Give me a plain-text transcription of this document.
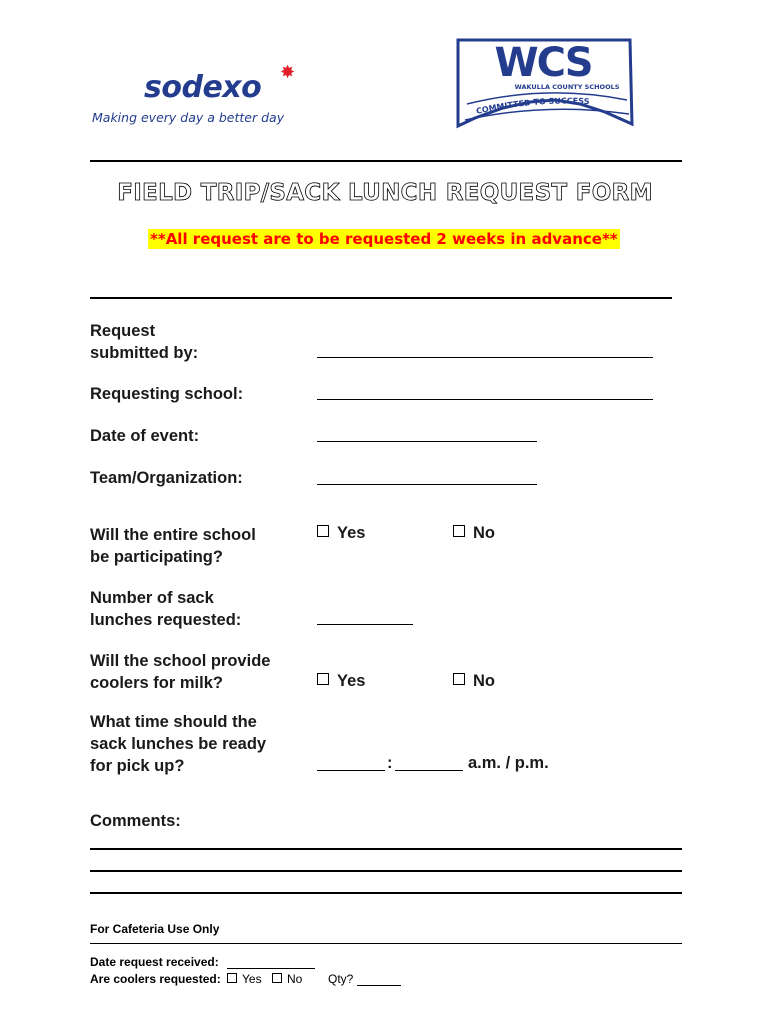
sodexo ✸
Making every day a better day
WCS
WAKULLA COUNTY SCHOOLS
COMMITTED TO SUCCESS
FIELD TRIP/SACK LUNCH REQUEST FORM
**All request are to be requested 2 weeks in advance**
Request
submitted by:
Requesting school:
Date of event:
Team/Organization:
Will the entire school
be participating?
Yes	No
Number of sack
lunches requested:
Will the school provide
coolers for milk?	Yes	No
What time should the
sack lunches be ready
for pick up?	:	a.m. / p.m.
Comments:
For Cafeteria Use Only
Date request received:
Are coolers requested:	Yes	No Qty?
